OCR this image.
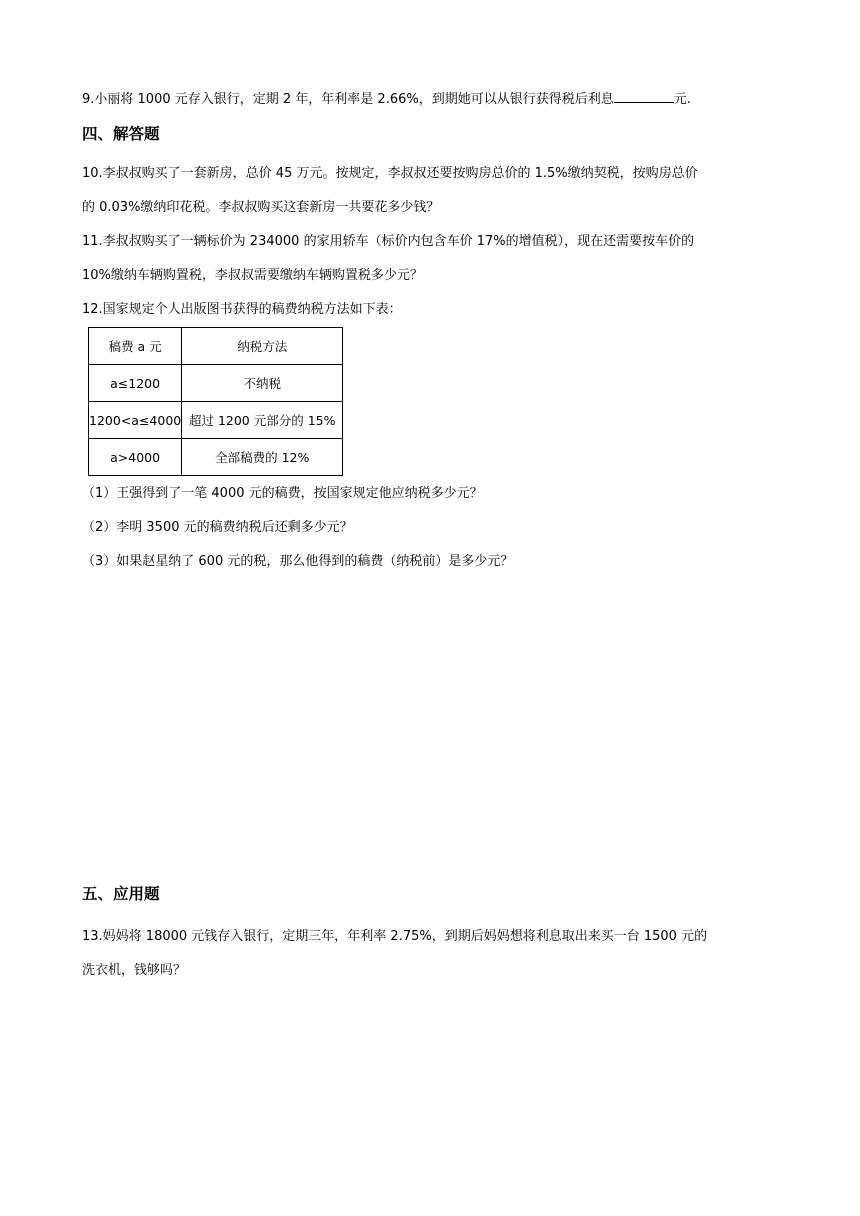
9.小丽将 1000 元存入银行，定期 2 年，年利率是 2.66%，到期她可以从银行获得税后利息	元.
四、解答题
10.李叔叔购买了一套新房，总价 45 万元。按规定，李叔叔还要按购房总价的 1.5%缴纳契税，按购房总价
的 0.03%缴纳印花税。李叔叔购买这套新房一共要花多少钱？
11.李叔叔购买了一辆标价为 234000 的家用轿车（标价内包含车价 17%的增值税），现在还需要按车价的
10%缴纳车辆购置税，李叔叔需要缴纳车辆购置税多少元？
12.国家规定个人出版图书获得的稿费纳税方法如下表：
稿费 a 元	纳税方法
a≤1200	不纳税
1200<a≤4000	超过 1200 元部分的 15%
a>4000	全部稿费的 12%
（1）王强得到了一笔 4000 元的稿费，按国家规定他应纳税多少元？
（2）李明 3500 元的稿费纳税后还剩多少元？
（3）如果赵星纳了 600 元的税，那么他得到的稿费（纳税前）是多少元？
五、应用题
13.妈妈将 18000 元钱存入银行，定期三年，年利率 2.75%，到期后妈妈想将利息取出来买一台 1500 元的
洗衣机，钱够吗？
